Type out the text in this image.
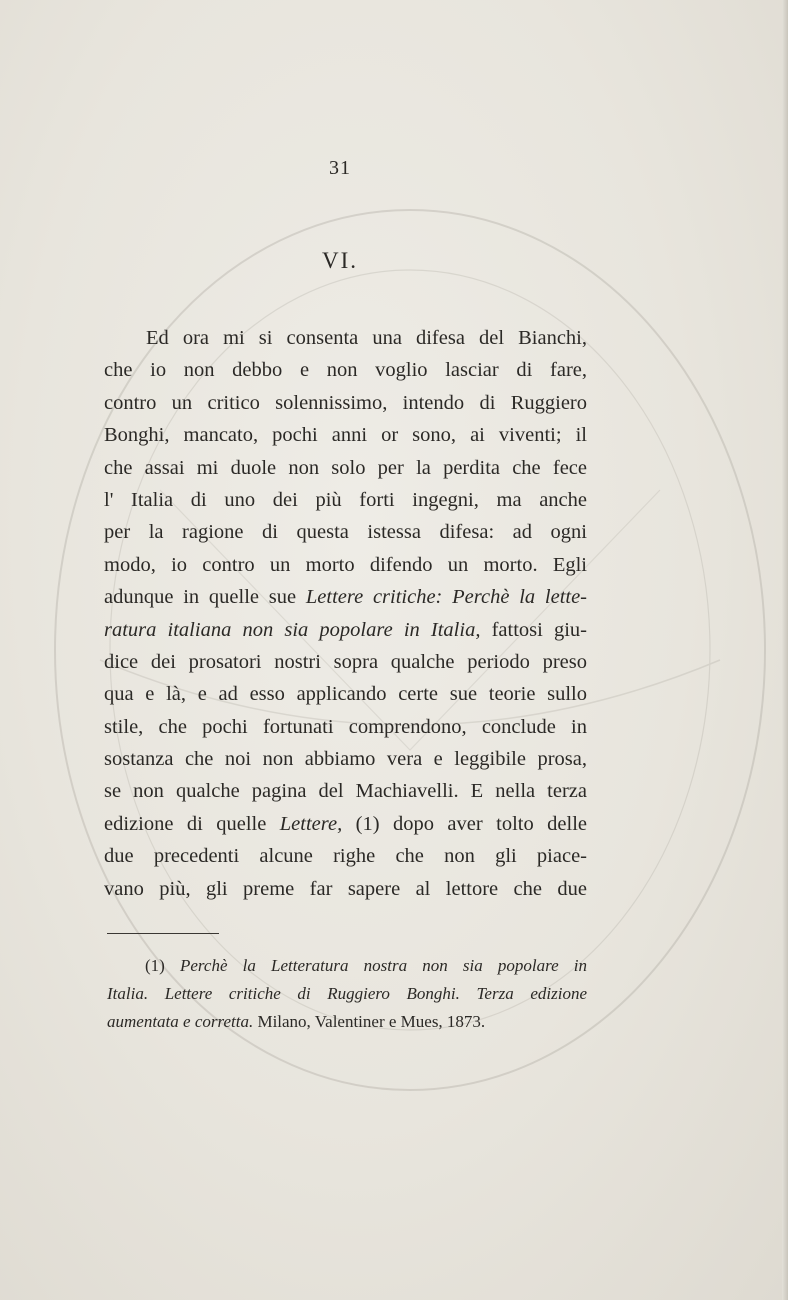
31
VI.
Ed ora mi si consenta una difesa del Bianchi,
che io non debbo e non voglio lasciar di fare,
contro un critico solennissimo, intendo di Ruggiero
Bonghi, mancato, pochi anni or sono, ai viventi; il
che assai mi duole non solo per la perdita che fece
l' Italia di uno dei più forti ingegni, ma anche
per la ragione di questa istessa difesa: ad ogni
modo, io contro un morto difendo un morto. Egli
adunque in quelle sue Lettere critiche: Perchè la lette-
ratura italiana non sia popolare in Italia, fattosi giu-
dice dei prosatori nostri sopra qualche periodo preso
qua e là, e ad esso applicando certe sue teorie sullo
stile, che pochi fortunati comprendono, conclude in
sostanza che noi non abbiamo vera e leggibile prosa,
se non qualche pagina del Machiavelli. E nella terza
edizione di quelle Lettere, (1) dopo aver tolto delle
due precedenti alcune righe che non gli piace-
vano più, gli preme far sapere al lettore che due
(1) Perchè la Letteratura nostra non sia popolare in
Italia. Lettere critiche di Ruggiero Bonghi. Terza edizione
aumentata e corretta. Milano, Valentiner e Mues, 1873.
